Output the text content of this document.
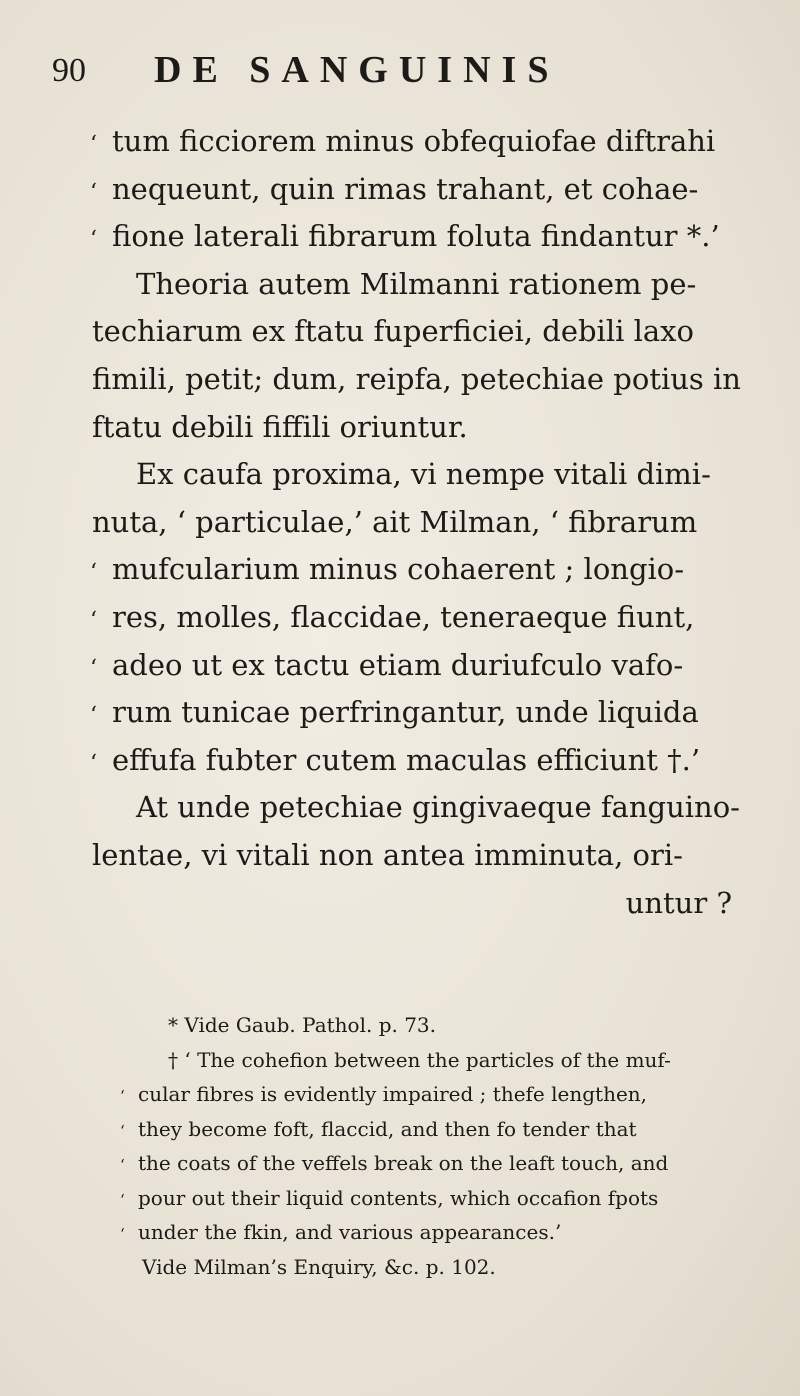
90 DE SANGUINIS
‘ tum ficciorem minus obfequiofae diftrahi
‘ nequeunt, quin rimas trahant, et cohae-
‘ fione laterali fibrarum foluta findantur *.’
Theoria autem Milmanni rationem pe-
techiarum ex ftatu fuperficiei, debili laxo
fimili, petit; dum, reipfa, petechiae potius in
ftatu debili fiffili oriuntur.
Ex caufa proxima, vi nempe vitali dimi-
nuta, ‘ particulae,’ ait Milman, ‘ fibrarum
‘ mufcularium minus cohaerent ; longio-
‘ res, molles, flaccidae, teneraeque fiunt,
‘ adeo ut ex tactu etiam duriufculo vafo-
‘ rum tunicae perfringantur, unde liquida
‘ effufa fubter cutem maculas efficiunt †.’
At unde petechiae gingivaeque fanguino-
lentae, vi vitali non antea imminuta, ori-
untur ?
* Vide Gaub. Pathol. p. 73.
† ‘ The cohefion between the particles of the muf-
‘ cular fibres is evidently impaired ; thefe lengthen,
‘ they become foft, flaccid, and then fo tender that
‘ the coats of the veffels break on the leaft touch, and
‘ pour out their liquid contents, which occafion fpots
‘ under the fkin, and various appearances.’
Vide Milman’s Enquiry, &c. p. 102.
